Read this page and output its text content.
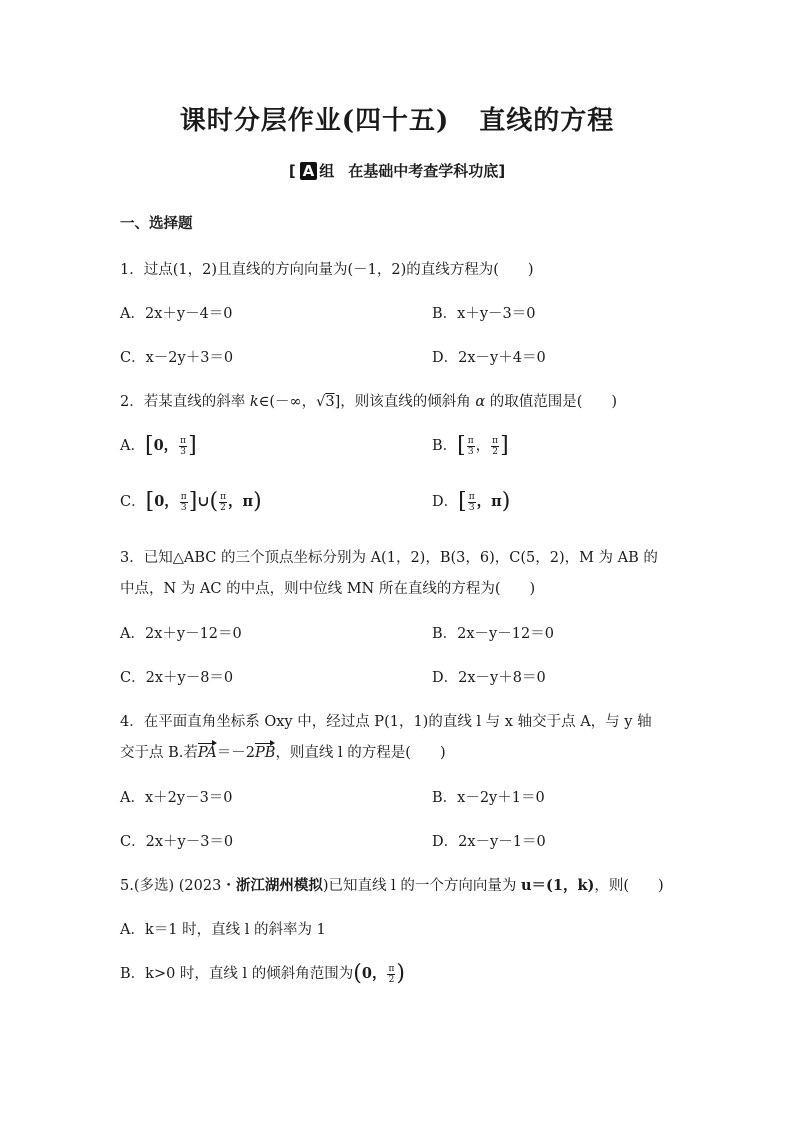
课时分层作业(四十五) 直线的方程
[ A 组 在基础中考查学科功底]
一、选择题
1．过点(1，2)且直线的方向向量为(－1，2)的直线方程为(　　)
A．2x＋y－4＝0	B．x＋y－3＝0
C．x－2y＋3＝0	D．2x－y＋4＝0
2．若某直线的斜率 k∈(－∞，√3]，则该直线的倾斜角 α 的取值范围是(　　)
A．[0， $\frac{\pi}{3}$ ]	B．[ $\frac{\pi}{3}$ ， $\frac{\pi}{2}$ ]
C．[0， $\frac{\pi}{3}$ ]∪( $\frac{\pi}{2}$ ，π)	D．[ $\frac{\pi}{3}$ ，π)
3．已知△ABC 的三个顶点坐标分别为 A(1，2)，B(3，6)，C(5，2)，M 为 AB 的
中点，N 为 AC 的中点，则中位线 MN 所在直线的方程为(　　)
A．2x＋y－12＝0	B．2x－y－12＝0
C．2x＋y－8＝0	D．2x－y＋8＝0
4．在平面直角坐标系 Oxy 中，经过点 P(1，1)的直线 l 与 x 轴交于点 A，与 y 轴
交于点 B.若PA＝－2PB，则直线 l 的方程是(　　)
A．x＋2y－3＝0	B．x－2y＋1＝0
C．2x＋y－3＝0	D．2x－y－1＝0
5.(多选) (2023・浙江湖州模拟)已知直线 l 的一个方向向量为 u＝(1，k)，则(　　)
A．k＝1 时，直线 l 的斜率为 1
B．k>0 时，直线 l 的倾斜角范围为(0， $\frac{\pi}{2}$ )
